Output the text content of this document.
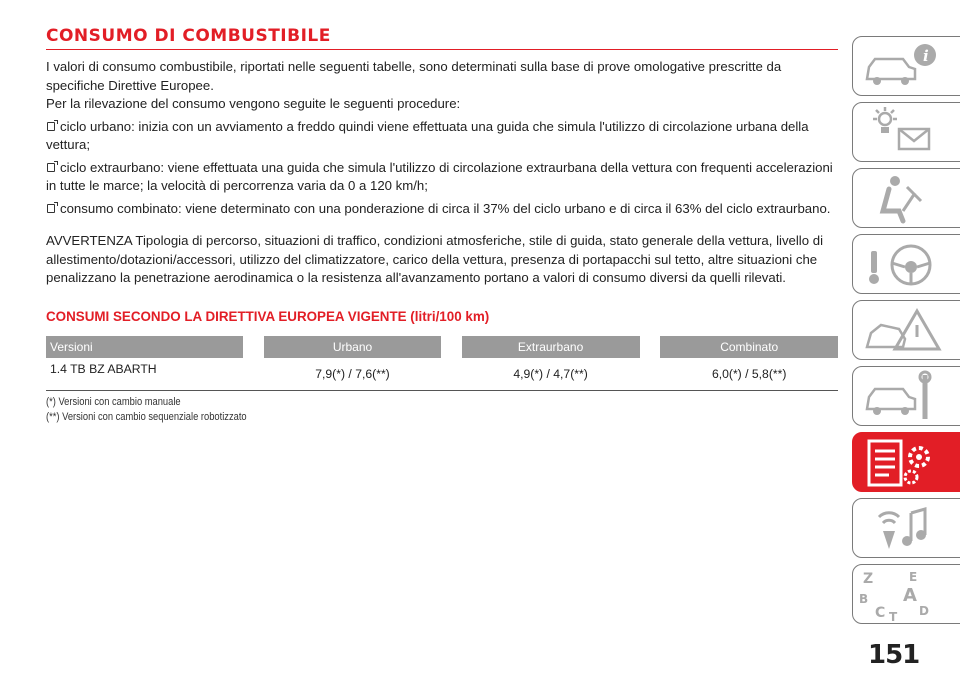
CONSUMO DI COMBUSTIBILE

I valori di consumo combustibile, riportati nelle seguenti tabelle, sono determinati sulla base di prove omologative prescritte da specifiche Direttive Europee.

Per la rilevazione del consumo vengono seguite le seguenti procedure:

ciclo urbano: inizia con un avviamento a freddo quindi viene effettuata una guida che simula l'utilizzo di circolazione urbana della vettura;

ciclo extraurbano: viene effettuata una guida che simula l'utilizzo di circolazione extraurbana della vettura con frequenti accelerazioni in tutte le marce; la velocità di percorrenza varia da 0 a 120 km/h;

consumo combinato: viene determinato con una ponderazione di circa il 37% del ciclo urbano e di circa il 63% del ciclo extraurbano.

AVVERTENZA Tipologia di percorso, situazioni di traffico, condizioni atmosferiche, stile di guida, stato generale della vettura, livello di allestimento/dotazioni/accessori, utilizzo del climatizzatore, carico della vettura, presenza di portapacchi sul tetto, altre situazioni che penalizzano la penetrazione aerodinamica o la resistenza all'avanzamento portano a valori di consumo diversi da quelli rilevati.

CONSUMI SECONDO LA DIRETTIVA EUROPEA VIGENTE (litri/100 km)
Versioni		Urbano		Extraurbano		Combinato
1.4 TB BZ ABARTH		7,9(*) / 7,6(**)		4,9(*) / 4,7(**)		6,0(*) / 5,8(**)
(*) Versioni con cambio manuale
(**) Versioni con cambio sequenziale robotizzato
i
Z	E
B A
C	D
T
151
